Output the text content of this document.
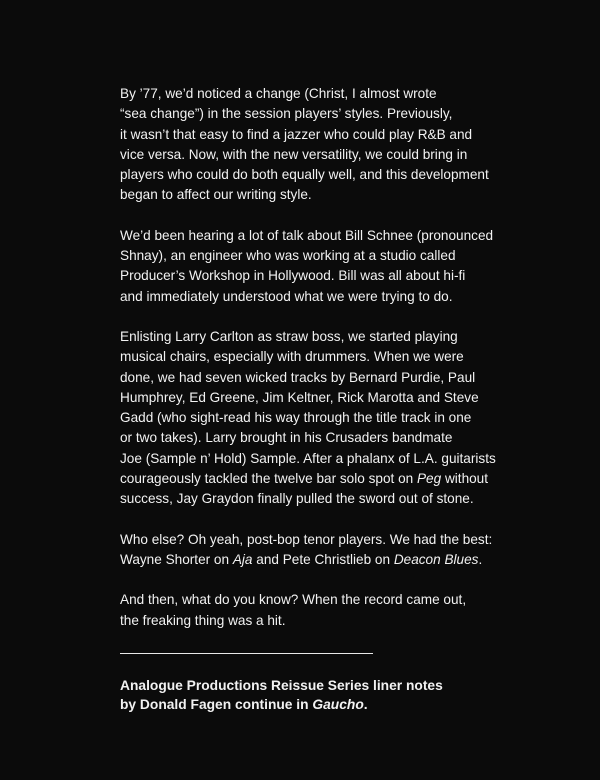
By ’77, we’d noticed a change (Christ, I almost wrote
“sea change”) in the session players’ styles. Previously,
it wasn’t that easy to find a jazzer who could play R&B and
vice versa. Now, with the new versatility, we could bring in
players who could do both equally well, and this development
began to affect our writing style.

We’d been hearing a lot of talk about Bill Schnee (pronounced
Shnay), an engineer who was working at a studio called
Producer’s Workshop in Hollywood. Bill was all about hi-fi
and immediately understood what we were trying to do.

Enlisting Larry Carlton as straw boss, we started playing
musical chairs, especially with drummers. When we were
done, we had seven wicked tracks by Bernard Purdie, Paul
Humphrey, Ed Greene, Jim Keltner, Rick Marotta and Steve
Gadd (who sight-read his way through the title track in one
or two takes). Larry brought in his Crusaders bandmate
Joe (Sample n’ Hold) Sample. After a phalanx of L.A. guitarists
courageously tackled the twelve bar solo spot on Peg without
success, Jay Graydon finally pulled the sword out of stone.

Who else? Oh yeah, post-bop tenor players. We had the best:
Wayne Shorter on Aja and Pete Christlieb on Deacon Blues.

And then, what do you know? When the record came out,
the freaking thing was a hit.

Analogue Productions Reissue Series liner notes
by Donald Fagen continue in Gaucho.
